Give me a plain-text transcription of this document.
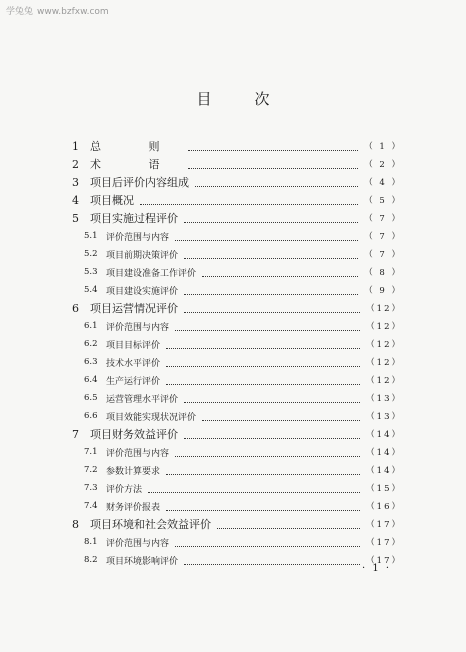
学兔兔 www.bzfxw.com
目　次
1	总 则	（ 1 ）
2	术 语	（ 2 ）
3	项目后评价内容组成	（ 4 ）
4	项目概况	（ 5 ）
5	项目实施过程评价	（ 7 ）
5.1 评价范围与内容	（ 7 ）
5.2 项目前期决策评价	（ 7 ）
5.3 项目建设准备工作评价	（ 8 ）
5.4 项目建设实施评价	（ 9 ）
6	项目运营情况评价	（12）
6.1 评价范围与内容	（12）
6.2 项目目标评价	（12）
6.3 技术水平评价	（12）
6.4 生产运行评价	（12）
6.5 运营管理水平评价	（13）
6.6 项目效能实现状况评价	（13）
7	项目财务效益评价	（14）
7.1 评价范围与内容	（14）
7.2 参数计算要求	（14）
7.3 评价方法	（15）
7.4 财务评价报表	（16）
8	项目环境和社会效益评价	（17）
8.1 评价范围与内容	（17）
8.2 项目环境影响评价	（17）
· 1 ·
